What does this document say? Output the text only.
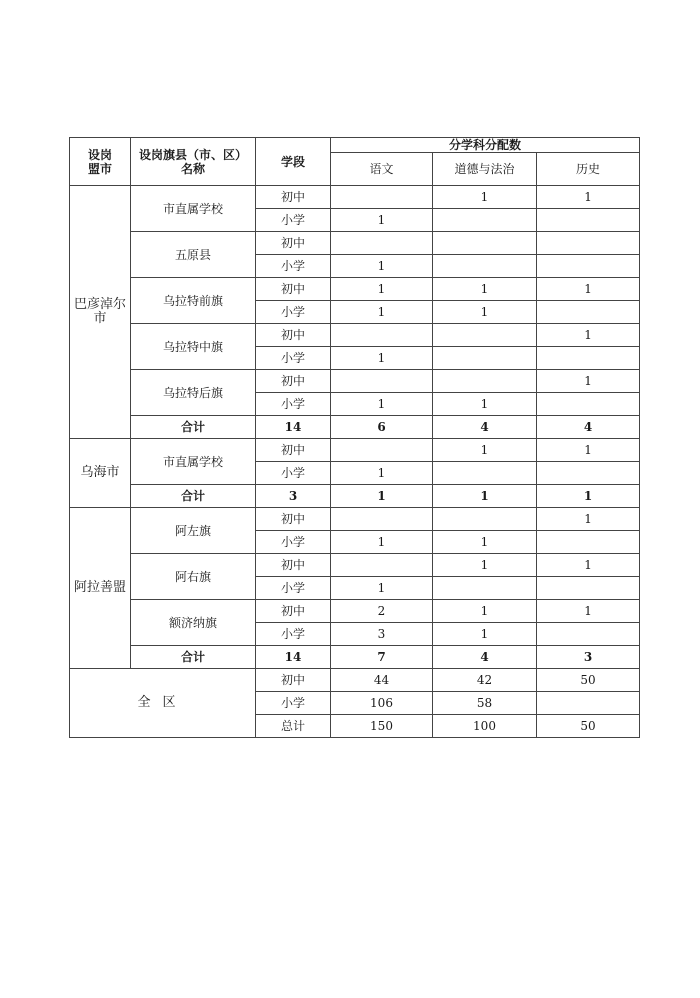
设岗
盟市	设岗旗县（市、区）
名称	学段	分学科分配数		
			语文	道德与法治	历史
巴彦淖尔
市	市直属学校	初中		1	1
		小学	1		
	五原县	初中			
		小学	1		
	乌拉特前旗	初中	1	1	1
		小学	1	1	
	乌拉特中旗	初中			1
		小学	1		
	乌拉特后旗	初中			1
		小学	1	1	
	合计	14	6	4	4
乌海市	市直属学校	初中		1	1
		小学	1		
	合计	3	1	1	1
阿拉善盟	阿左旗	初中			1
		小学	1	1	
	阿右旗	初中		1	1
		小学	1		
	额济纳旗	初中	2	1	1
		小学	3	1	
	合计	14	7	4	3
全区		初中	44	42	50
		小学	106	58	
		总计	150	100	50
